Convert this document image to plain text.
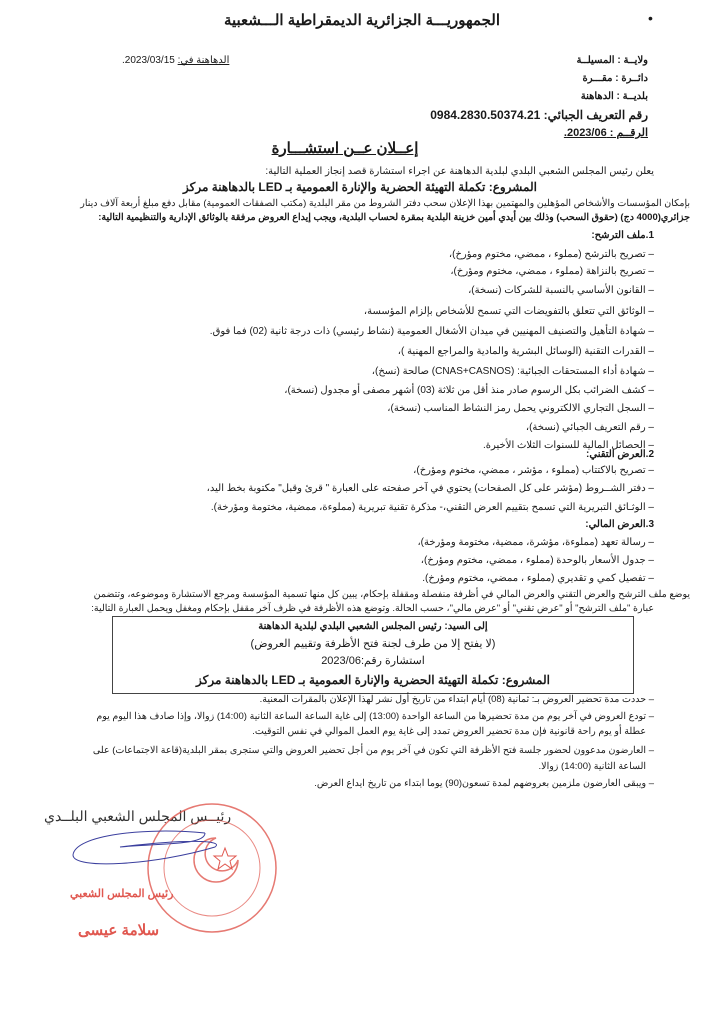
الجمهوريـــة الجزائرية الديمقراطية الـــشعبية	•
الدهاهنة في: 2023/03/15.	ولايــة : المسيلــة
دائــرة : مقـــرة
بلديــة : الدهاهنة
رقم التعريف الجبائي: 0984.2830.50374.21
الرقــم : 2023/06.
إعــلان عــن استشـــارة
يعلن رئيس المجلس الشعبي البلدي لبلدية الدهاهنة عن اجراء استشارة قصد إنجاز العملية التالية:
المشروع: تكملة التهيئة الحضرية والإنارة العمومية بـ LED بالدهاهنة مركز
بإمكان المؤسسات والأشخاص المؤهلين والمهتمين بهذا الإعلان سحب دفتر الشروط من مقر البلدية (مكتب الصفقات العمومية) مقابل دفع مبلغ أربعة آلاف دينار
جزائري(4000 دج) (حقوق السحب) وذلك بين أيدي أمين خزينة البلدية بمقرة لحساب البلدية، ويجب إيداع العروض مرفقة بالوثائق الإدارية والتنظيمية التالية:
1.ملف الترشح:
– تصريح بالترشح (مملوء ، ممضي، مختوم ومؤرخ)،
– تصريح بالنزاهة (مملوء ، ممضي، مختوم ومؤرخ)،
– القانون الأساسي بالنسبة للشركات (نسخة)،
– الوثائق التي تتعلق بالتفويضات التي تسمح للأشخاص بإلزام المؤسسة،
– شهادة التأهيل والتصنيف المهنيين في ميدان الأشغال العمومية (نشاط رئيسي) ذات درجة ثانية (02) فما فوق.
– القدرات التقنية (الوسائل البشرية والمادية والمراجع المهنية )،
– شهادة أداء المستحقات الجبائية: (CNAS+CASNOS) صالحة (نسخ)،
– كشف الضرائب بكل الرسوم صادر منذ أقل من ثلاثة (03) أشهر مصفى أو مجدول (نسخة)،
– السجل التجاري الالكتروني يحمل رمز النشاط المناسب (نسخة)،
– رقم التعريف الجبائي (نسخة)،
– الحصائل المالية للسنوات الثلاث الأخيرة.
2.العرض التقني:
– تصريح بالاكتتاب (مملوء ، مؤشر ، ممضي، مختوم ومؤرخ)،
– دفتر الشــروط (مؤشر على كل الصفحات) يحتوي في آخر صفحته على العبارة " قرئ وقبل" مكتوبة بخط اليد،
– الوثـائق التبريرية التي تسمح بتقييم العرض التقني،- مذكرة تقنية تبريرية (مملوءة، ممضية، مختومة ومؤرخة).
3.العرض المالي:
– رسالة تعهد (مملوءة، مؤشرة، ممضية، مختومة ومؤرخة)،
– جدول الأسعار بالوحدة (مملوء ، ممضي، مختوم ومؤرخ)،
– تفصيل كمي و تقديري (مملوء ، ممضي، مختوم ومؤرخ).
يوضع ملف الترشح والعرض التقني والعرض المالي في أظرفة منفصلة ومقفلة بإحكام، يبين كل منها تسمية المؤسسة ومرجع الاستشارة وموضوعه، وتتضمن
عبارة "ملف الترشح" أو "عرض تقني" أو "عرض مالي"، حسب الحالة. وتوضع هذه الأظرفة في ظرف آخر مقفل بإحكام ومغفل ويحمل العبارة التالية:
إلى السيد: رئيس المجلس الشعبي البلدي لبلدية الدهاهنة
(لا يفتح إلا من طرف لجنة فتح الأظرفة وتقييم العروض)
استشارة رقم:2023/06
المشروع: تكملة التهيئة الحضرية والإنارة العمومية بـ LED بالدهاهنة مركز
– حددت مدة تحضير العروض بـ: ثمانية (08) أيام ابتداء من تاريخ أول نشر لهذا الإعلان بالمقرات المعنية.
– تودع العروض في آخر يوم من مدة تحضيرها من الساعة الواحدة (13:00) إلى غاية الساعة الساعة الثانية (14:00) زوالا، وإذا صادف هذا اليوم يوم
عطلة أو يوم راحة قانونية فإن مدة تحضير العروض تمدد إلى غاية يوم العمل الموالي في نفس التوقيت.
– العارضون مدعوون لحضور جلسة فتح الأظرفة التي تكون في آخر يوم من أجل تحضير العروض والتي ستجرى بمقر البلدية(قاعة الاجتماعات) على
الساعة الثانية (14:00) زوالا.
– ويبقى العارضون ملزمين بعروضهم لمدة تسعون(90) يوما ابتداء من تاريخ ايداع العرض.
رئيــس المجلس الشعبي البلــدي
رئيس المجلس الشعبي
سلامة عيسى
